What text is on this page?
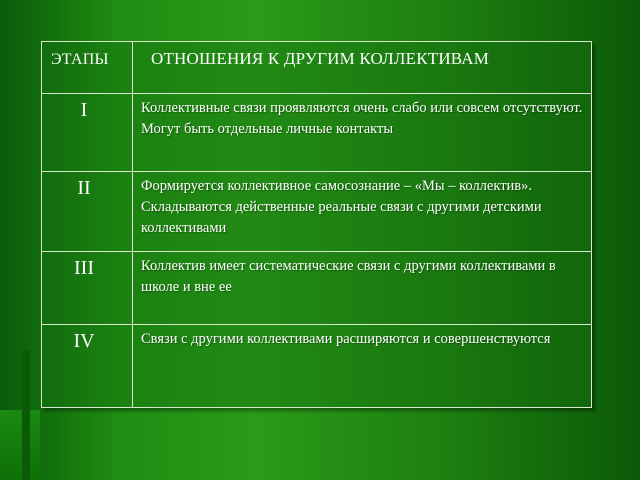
ЭТАПЫ	ОТНОШЕНИЯ К ДРУГИМ КОЛЛЕКТИВАМ
I	Коллективные связи проявляются очень слабо или совсем отсутствуют. Могут быть отдельные личные контакты
II	Формируется коллективное самосознание – «Мы – коллектив». Складываются действенные реальные связи с другими детскими коллективами
III	Коллектив имеет систематические связи с другими коллективами в школе и вне ее
IV	Связи с другими коллективами расширяются и совершенствуются
